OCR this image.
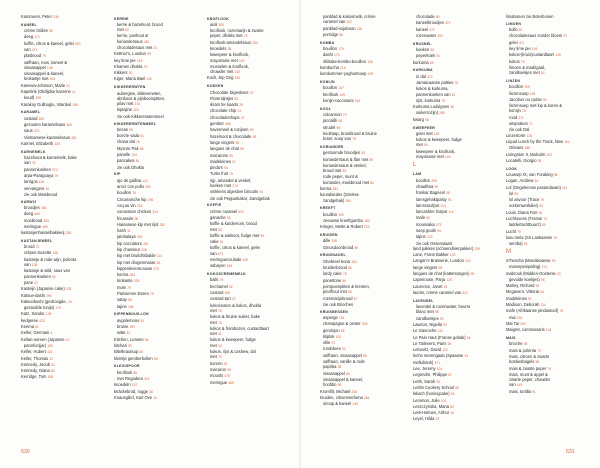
Kammerer, Peter236
KANEEL
crème brûlée95
deeg471
koffie, citrus & kaneel, gelei520
van471
platbrood79
saffraan, roos, kaneel &
sinaasappel148
sinaasappel & kaneel,
krokantje met491
Kanewa-Johnson, Marie21
Kapelink (Oldtijdse kazerne11
koud)259
Karakoy Gullüoglu, Istanbul186
KARAMEL
custard469
gezouten karamelsaus469
saus473
Vietnamese karamelsaus481
Karmel, Elizabeth126
KARNEMELK
hazelnoot & karnemelk, bake
van76
pannenkoeken370
arpa-Paraguaya79
tarrigos154
vervangers40
zie ook Maisbrood
KARWIJ
broodjes484
deeg469
mosbrood485
meringue469
kastanjenhasselbakkerij236
KASTANJEMEEL
brood72
crêpes Suzette148
kastanje & rode wijn, polenta
van138
kastanje & wild, saus van
pannenkoeken92
pane41
Kasteijn (Japanse cake)225
Katsue-dashi296
Katsuobushi (gedroogde,19
gestoofde tonijn)175
Katz, Sandor149
kedgeree423
Keema81
Keller, Germain4
Kellan-ooreen (Japanse10
pannfun(jar)183
Keller, Hubert424
Keller, Thomas22
Kennedy, Jacob91
Kennedy, Diana80
Kerridge, Tom185
KERRIE
kerrie & hazelnoot, brood
met83
kerrie, poeltout &
koriandersaus481
chocoladesaus met21
Kettner's, London99
key lime pie149
Khamen dhokla79
Kikkers39
Kiger, Maria Bael132
KIKKERERWTEN
aubergine, kikkererwten,
abrikoos & pijnboompitten,
pilav met176
kiptajine224
zie ook Kikkererwtenmeel
KIKKERERWTENMEEL
besan96
boezie vada81
chana dal78
Mysore Pak88
panelle154
pancakes81
zie ook Dhokla
KIP
ajo de gallina124
arroz con pollo283
bouillon76
Circassische kip296
coq au vin204
coronation chicken314
fricassée96
Hainanese kip met rijst252
hash31
jambalaya294
kip cacciatore261
kip chasseur208
kip met bruiloftsbalde114
kip met drogenmaras96
kippenlevermousse275
korma284
krokante229
mole79
Parisienne Essen79
satay95
tajine156
KIPPENBOUILLON
avgolemono91
brunie290
witte87
Kitchen, Leanne98
kitchari95
kittelkrautsup80
kleintje gemberbollen95
KLEIOSPOOR
knoflook85
met Regadera310
knoedeln187
knäckebröd, rogge36
Knausgård, Karl Ove10
KNOFLOOK
aioli393
knoflook, rozemarijn & zwarte
peper, dhokla met78
knoflook-amandelsaus294
knoedels38
kweepeer & knoflook,
mayonaise met149
mosselen & knoflook,
chowder met162
Koch, Kip Ong243
KOEKEN
Chocolate Digestives70
Florentijntjes93
ikram fer kaarts29
chocolate chip24
chocoladeshops37
gember488
havermeel & rozijnen93
hazelnoot & chocolade95
lange vingers95
langues de chat95
macarons95
madeleines91
pinda's94
Turks fruit79
rijp, amandel & venkel,
koeken met274
vinkkens digestive biscuits93
zie ook Pepparkakor, Zandgebak
KOFFIE
crème caramel522
ganache93
koffie & kardemom, brood
met93
koffie & walnoot, fudge met94
cake91
koffie, citrus & kaneel, gelei
van471
meringuecoulade492
sabayon165
KOKOSCREMEMELK
balls79
bechamel92
custard469
custard-tart22
kokosnoten & kokos, dhokla
met78
kokos & bruine suiker, bake
met76
kokos & frambozen, custardtaart
met31
kokos & kweepeer, fudge
met94
kokos, rijst & cashew, dal
met79
korenn91
macaron95
mousts475
meringue469
panblad & kokosmelk, crème
caramel van522
panblad-sojaboon226
porridge86
KOMBU
bouillon175
dashi175
shiitake-kombu-bouillon196
kombucha216
komkommer-yoghurtsoep199
KONIJN
bouillon147
knoflook149
konijn-cacciatore261
KOOL
colcannon79
piccalilli98
strudel96
koolraap, bruinbrood & bruine
boter, soep van75
KORIANDER
gestoomde broodjes83
koriandersaus & flan met80
koriandersaus & venkel,
brood met83
rode peper, munt &
koriander, maisbrood met80
korma284
kourabiedes (Griekse
zandgebak)284
KREEFT
bouillon190
zeeuwse kreeftgumbo183
Krieger, Mette & Robert223
KRUIDEN
dille208
Ginosdoonbrood89
KRUIDNAGEL
Ghebreel bona184
kruidenbrood86
lardy cake78
panettone86
pompoenpitten & krenten,
pindfruut met86
rozemarijnbrood87
zie ook Brioches
KRUISBESSEN
asperge118
champagne & oester209
gerolsjon98
kliplok103
ollie37
rundvlees94
saffraan, sinaasappel98
saffraan, vanille & rode
paprika98
sinaasappel89
sinaasappel & kaneel,
hoofdin98
Kromfilt, Michael236
kruiden, citroenverbena284
siroop & kaneel145
chocolade80
kaneelbroodjes470
kaneel470
rozenwater491
KRUSNEL
koeken90
peperkoek91
kurkuma89
KURKUMA
in dal373
Jamaicaanse patties78
kokos & kurkuma,
pannenkoeken van91
rijst, kurkuma79
Kurkuma Ludvigsen36
suikerrozijn)289
kwarg96
KWEEPEER
gelei met126
kokos & kweepeer, fudge
met94
kweepeer & knoflook,
mayonaise met149
L
LAM
bouillon209
chawlbna90
frankar Bagneol98
lamsgehaktpasty91
lamsstoofpot114
lancashire hotpot114
mafe90
moussaka273
soep gouhi94
tajine223
zie ook Ossenstaart
land pakkes (schoendinerpakker)239
Lane, Frans Bakker102
Langan's Brasserie, London102
lange vingers95
langues de chat (kattentongen)95
Lapeirouse, Parja125
Laurence, Janet93
laurier, crème caramel van522
LAVENDEL
lavendel & rozenwater, beurre
blanc met98
zandkoekjes92
Lawson, Nigella93
Le Gavroche124
Le Pain Haut (Franse gebak)34
Le Tailevent, Paris98
Lebovitz, David122
leche merengada (Spaanse34
melkdrank)471
Lee, Jeremy104
Legendre, Philippe87
Leith, Sarah93
Leiths Cookery School98
lekach (honingcake)93
Lemmon, Julie102
Leszczyńska, Maria82
Letti-Holmes, Arthur16
Leyel, Hilda23
limabonen zie Boterbonen
LIMOEN
bollo97
chocoladesaus zonder bloem97
gelei471
key lime pie149
kokos-(kruis)custardtaart149
kokos79
limoen & madrigaal,
zandkoekjes met92
LINZEN
bouillon209
linzensoep199
Jacobus ou cydse90
linzensoep met kip & koren &
komijn78
rood271
uitspraken71
zie ook Dal
Linzertorte125
Liquid Lunch by the Track, New101
Orleans188
Livingston II, Malcolm102
Locatelli, Giorgio35
LOOK
Leuwurp IX, van Foraking98
Logan, Andrew94
Lol (Ongelenose pasandavan)110
lol98
lol asvoor (Trace79
oorkenwerkdier)80
Louis, Diana Farr94
Luchtovens (Franse79
laddertachtbuurz)80
Lucht79
lusu mela (Sri Lankaanse79
semba)93
M
m'hencha (Marokkaanse93
marsepeinpaling)474
mabrouk (Midden-Oosterse29
gevulde koekjes)95
Mabey, Richard93
Mcgavern, Vittoria94
madeleines91
Madison, Deborah114
mafe (Afrikaanse pindastoof)79
mai234
Mai Tai205
Maigret, commissaris104
MAIS
brioche98
mais & polenta79
mais, citroen & zwarte
bosbesbagels96
mais & zwarte peper79
mais, munt & appel &
zwarte peper, chowder
van149
mais, tortilla91
630	631
